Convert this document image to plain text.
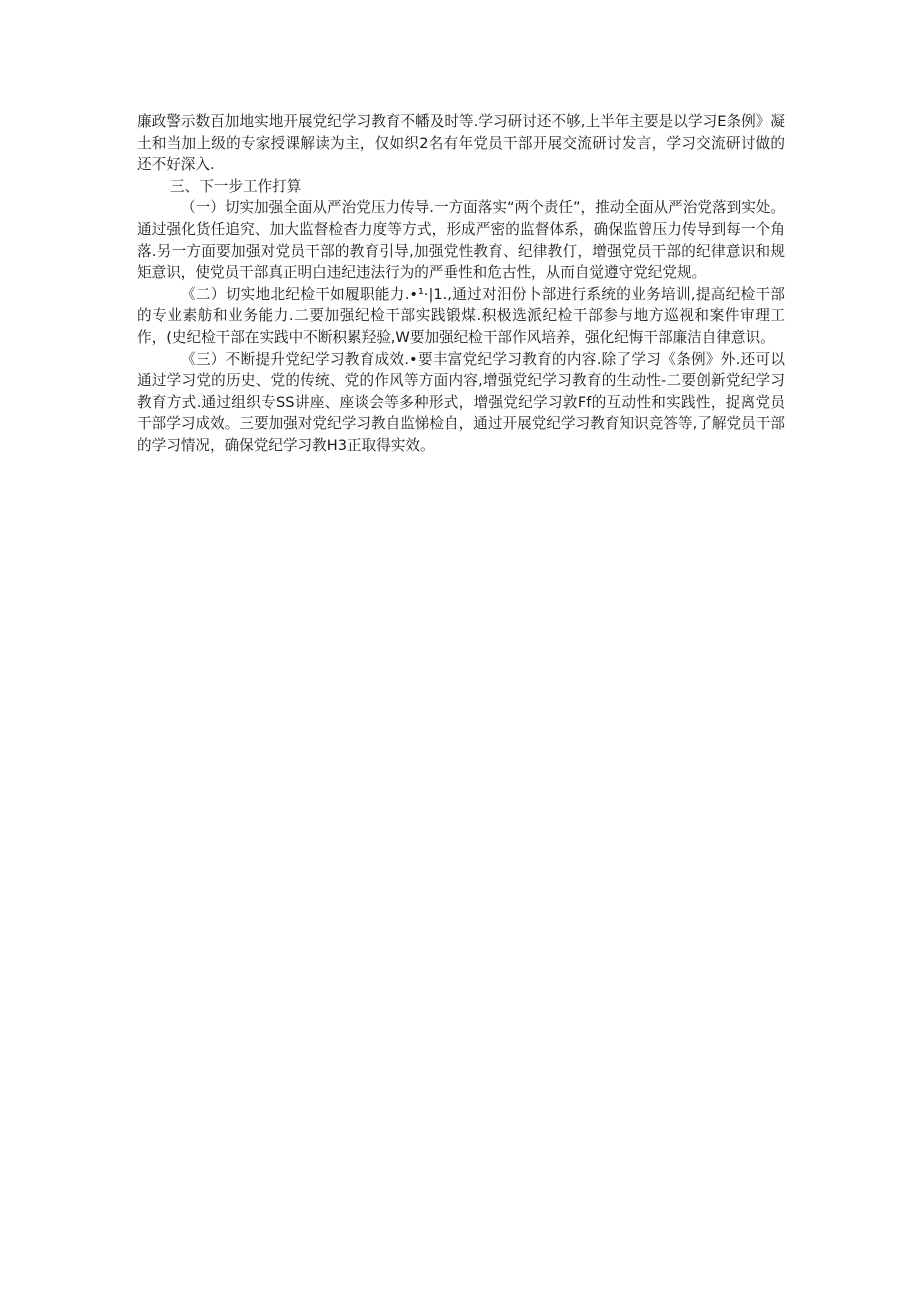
廉政警示数百加地实地开展党纪学习教育不幡及时等.学习研讨还不够,上半年主要是以学习E条例》凝土和当加上级的专家授课解读为主，仅如织2名有年党员干部开展交流研讨发言，学习交流研讨做的还不好深入.

三、下一步工作打算

（一）切实加强全面从严治党压力传导.一方面落实“两个责任”，推动全面从严治党落到实处。通过强化货任追究、加大监督检杳力度等方式，形成严密的监督体系，确保监曾压力传导到每一个角落.另一方面要加强对党员干部的教育引导,加强党性教育、纪律教仃，增强党员干部的纪律意识和规矩意识，使党员干部真正明白违纪违法行为的严垂性和危古性，从而自觉遵守党纪党规。

《二）切实地北纪检干如履职能力.•¹·|1.,通过对汨份卜部进行系统的业务培训,提高纪检干部的专业素舫和业务能力.二要加强纪检干部实践锻煤.积极选派纪检干部参与地方巡视和案件审理工作，(史纪检干部在实践中不断积累羟验,W要加强纪检干部作风培养，强化纪悔干部廉洁自律意识。

《三）不断提升党纪学习教育成效.•要丰富党纪学习教育的内容.除了学习《条例》外.还可以通过学习党的历史、党的传统、党的作风等方面内容,增强党纪学习教育的生动性-二要创新党纪学习教育方式.通过组织专SS讲座、座谈会等多种形式，增强党纪学习敦Ff的互动性和实践性，捉离党员干部学习成效。三要加强对党纪学习教自监悌检自，通过开展党纪学习教育知识竞答等,了解党员干部的学习情况，确保党纪学习教H3正取得实效。
